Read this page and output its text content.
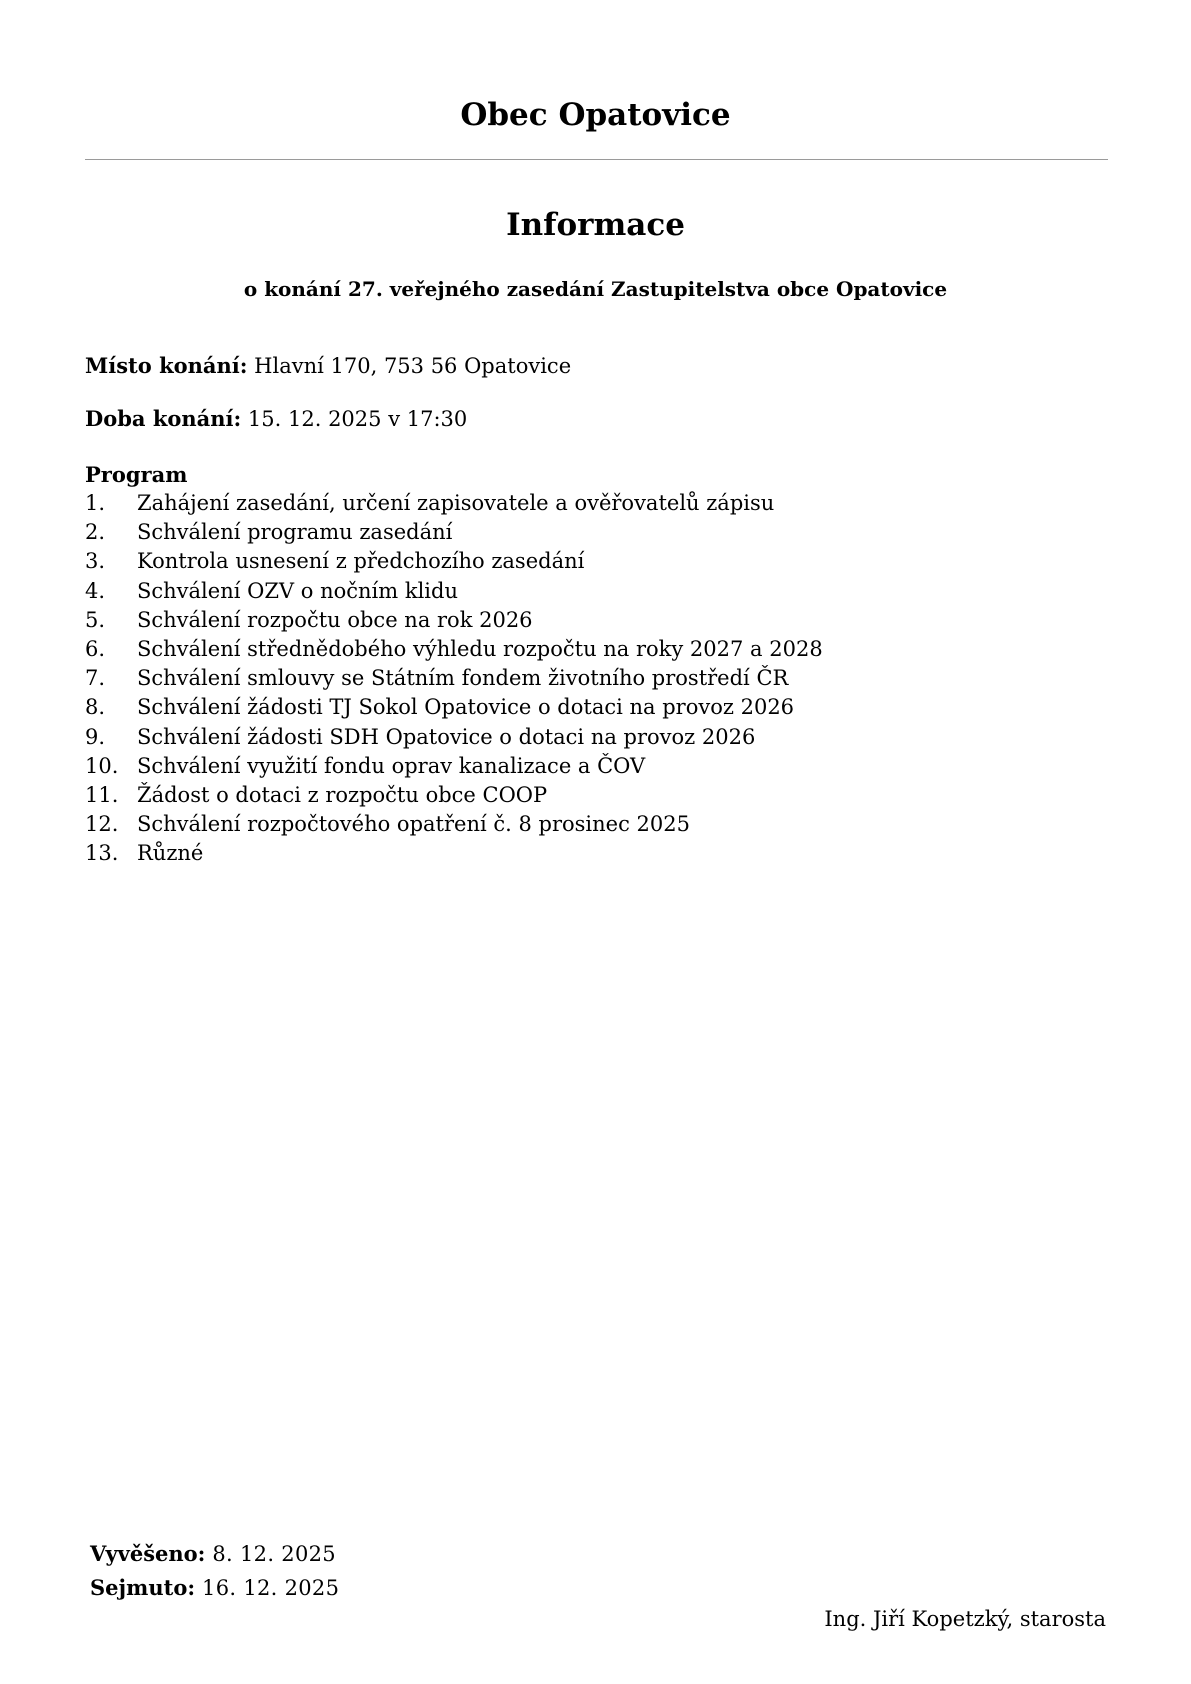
Obec Opatovice
Informace
o konání 27. veřejného zasedání Zastupitelstva obce Opatovice
Místo konání: Hlavní 170, 753 56 Opatovice
Doba konání: 15. 12. 2025 v 17:30
Program
1. Zahájení zasedání, určení zapisovatele a ověřovatelů zápisu
2. Schválení programu zasedání
3. Kontrola usnesení z předchozího zasedání
4. Schválení OZV o nočním klidu
5. Schválení rozpočtu obce na rok 2026
6. Schválení střednědobého výhledu rozpočtu na roky 2027 a 2028
7. Schválení smlouvy se Státním fondem životního prostředí ČR
8. Schválení žádosti TJ Sokol Opatovice o dotaci na provoz 2026
9. Schválení žádosti SDH Opatovice o dotaci na provoz 2026
10. Schválení využití fondu oprav kanalizace a ČOV
11. Žádost o dotaci z rozpočtu obce COOP
12. Schválení rozpočtového opatření č. 8 prosinec 2025
13. Různé
Vyvěšeno: 8. 12. 2025
Sejmuto: 16. 12. 2025
Ing. Jiří Kopetzký, starosta
